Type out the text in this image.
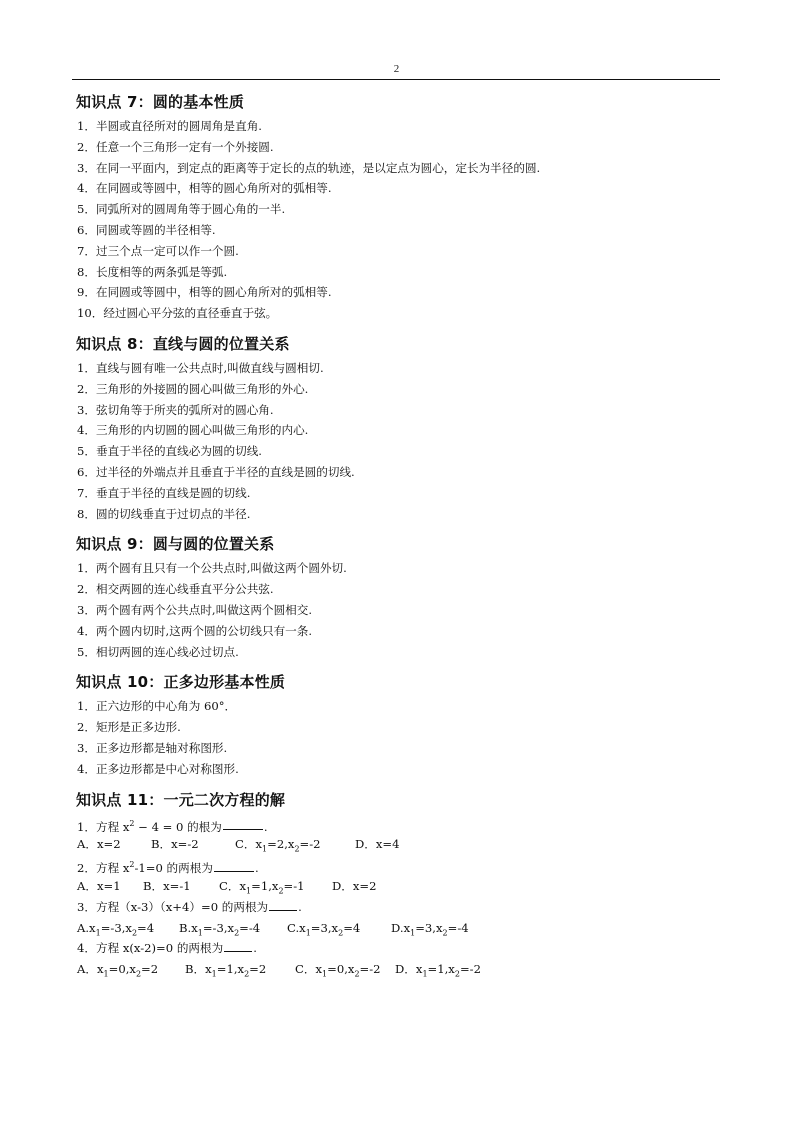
2
知识点 7：圆的基本性质

1．半圆或直径所对的圆周角是直角.

2．任意一个三角形一定有一个外接圆.

3．在同一平面内，到定点的距离等于定长的点的轨迹，是以定点为圆心，定长为半径的圆.

4．在同圆或等圆中，相等的圆心角所对的弧相等.

5．同弧所对的圆周角等于圆心角的一半.

6．同圆或等圆的半径相等.

7．过三个点一定可以作一个圆.

8．长度相等的两条弧是等弧.

9．在同圆或等圆中，相等的圆心角所对的弧相等.

10．经过圆心平分弦的直径垂直于弦。

知识点 8：直线与圆的位置关系

1．直线与圆有唯一公共点时,叫做直线与圆相切.

2．三角形的外接圆的圆心叫做三角形的外心.

3．弦切角等于所夹的弧所对的圆心角.

4．三角形的内切圆的圆心叫做三角形的内心.

5．垂直于半径的直线必为圆的切线.

6．过半径的外端点并且垂直于半径的直线是圆的切线.

7．垂直于半径的直线是圆的切线.

8．圆的切线垂直于过切点的半径.

知识点 9：圆与圆的位置关系

1．两个圆有且只有一个公共点时,叫做这两个圆外切.

2．相交两圆的连心线垂直平分公共弦.

3．两个圆有两个公共点时,叫做这两个圆相交.

4．两个圆内切时,这两个圆的公切线只有一条.

5．相切两圆的连心线必过切点.

知识点 10：正多边形基本性质

1．正六边形的中心角为 60°．

2．矩形是正多边形.

3．正多边形都是轴对称图形.

4．正多边形都是中心对称图形.

知识点 11：一元二次方程的解

1．方程 $x^2 - 4 = 0$ 的根为	.

A．x=2	B．x=-2	C．$x_1=2,x_2=-2$	D．x=4

2．方程 $x^2-1=0$ 的两根为	.

A．x=1	B．x=-1	C．$x_1=1,x_2=-1$	D．x=2

3．方程（x-3）（x+4）=0 的两根为	.

$A.x_1=-3,x_2=4$	$B.x_1=-3,x_2=-4$	$C.x_1=3,x_2=4$	$D.x_1=3,x_2=-4$

4．方程 x(x-2)=0 的两根为	.

A．$x_1=0,x_2=2$	B．$x_1=1,x_2=2$	C．$x_1=0,x_2=-2$	D．$x_1=1,x_2=-2$
